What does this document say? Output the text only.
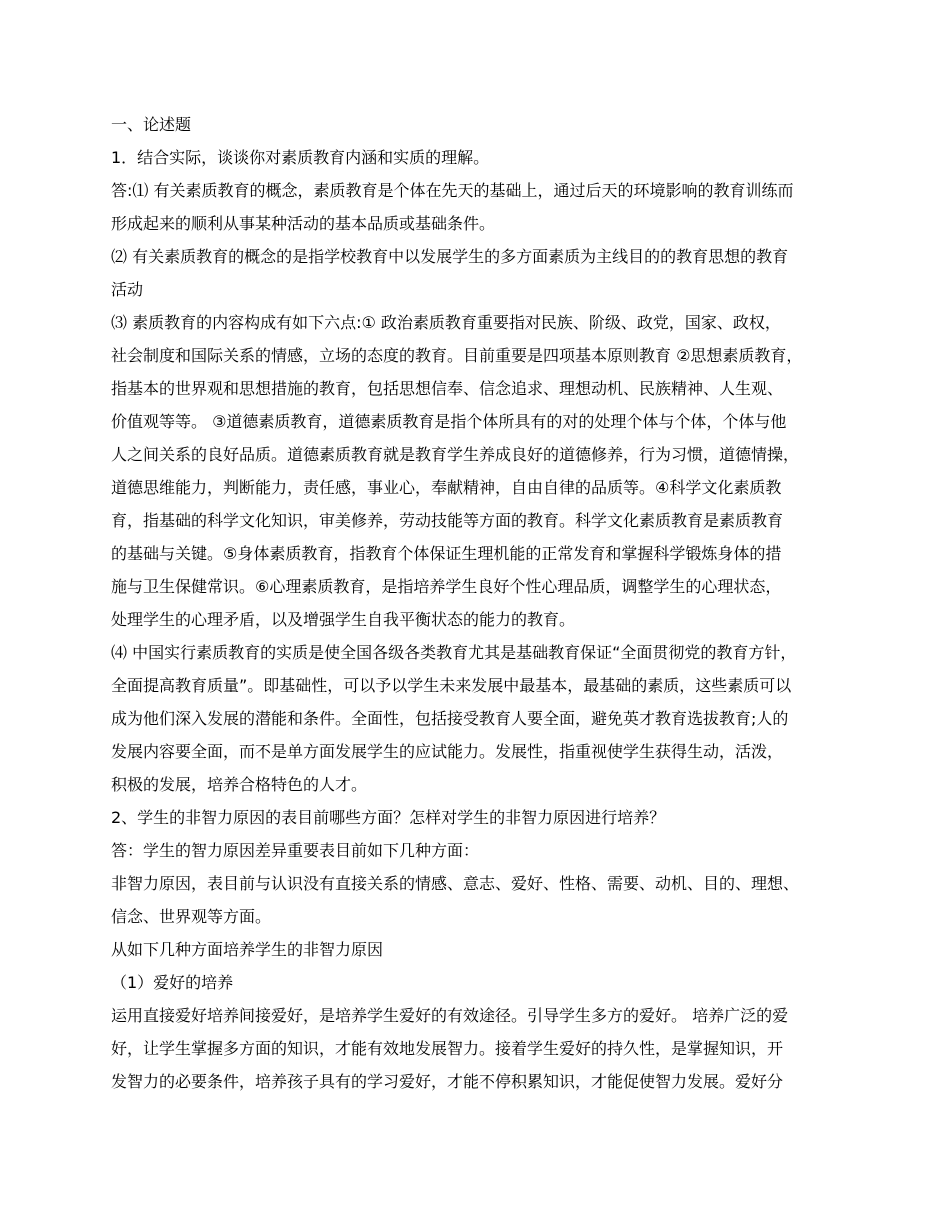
一、论述题

1．结合实际，谈谈你对素质教育内涵和实质的理解。

答:⑴ 有关素质教育的概念，素质教育是个体在先天的基础上，通过后天的环境影响的教育训练而

形成起来的顺利从事某种活动的基本品质或基础条件。

⑵ 有关素质教育的概念的是指学校教育中以发展学生的多方面素质为主线目的的教育思想的教育

活动

⑶ 素质教育的内容构成有如下六点:① 政治素质教育重要指对民族、阶级、政党，国家、政权，

社会制度和国际关系的情感，立场的态度的教育。目前重要是四项基本原则教育 ②思想素质教育，

指基本的世界观和思想措施的教育，包括思想信奉、信念追求、理想动机、民族精神、人生观、

价值观等等。 ③道德素质教育，道德素质教育是指个体所具有的对的处理个体与个体，个体与他

人之间关系的良好品质。道德素质教育就是教育学生养成良好的道德修养，行为习惯，道德情操，

道德思维能力，判断能力，责任感，事业心，奉献精神，自由自律的品质等。④科学文化素质教

育，指基础的科学文化知识，审美修养，劳动技能等方面的教育。科学文化素质教育是素质教育

的基础与关键。⑤身体素质教育，指教育个体保证生理机能的正常发育和掌握科学锻炼身体的措

施与卫生保健常识。⑥心理素质教育，是指培养学生良好个性心理品质，调整学生的心理状态，

处理学生的心理矛盾，以及增强学生自我平衡状态的能力的教育。

⑷ 中国实行素质教育的实质是使全国各级各类教育尤其是基础教育保证“全面贯彻党的教育方针，

全面提高教育质量”。即基础性，可以予以学生未来发展中最基本，最基础的素质，这些素质可以

成为他们深入发展的潜能和条件。全面性，包括接受教育人要全面，避免英才教育选拔教育;人的

发展内容要全面，而不是单方面发展学生的应试能力。发展性，指重视使学生获得生动，活泼，

积极的发展，培养合格特色的人才。

2、学生的非智力原因的表目前哪些方面？怎样对学生的非智力原因进行培养？

答：学生的智力原因差异重要表目前如下几种方面：

非智力原因，表目前与认识没有直接关系的情感、意志、爱好、性格、需要、动机、目的、理想、

信念、世界观等方面。

从如下几种方面培养学生的非智力原因

（1）爱好的培养

运用直接爱好培养间接爱好，是培养学生爱好的有效途径。引导学生多方的爱好。 培养广泛的爱

好，让学生掌握多方面的知识，才能有效地发展智力。接着学生爱好的持久性，是掌握知识，开

发智力的必要条件，培养孩子具有的学习爱好，才能不停积累知识，才能促使智力发展。爱好分
